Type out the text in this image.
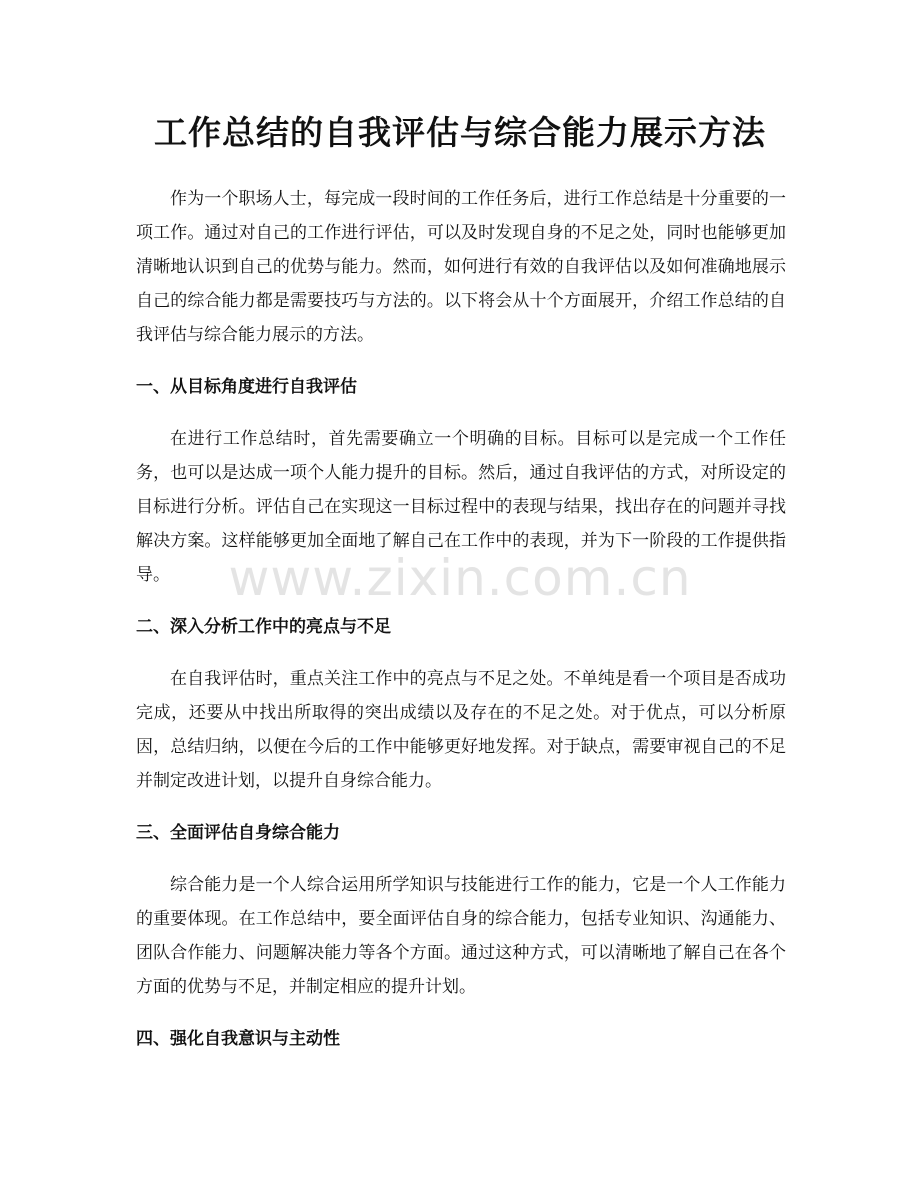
工作总结的自我评估与综合能力展示方法

作为一个职场人士，每完成一段时间的工作任务后，进行工作总结是十分重要的一项工作。通过对自己的工作进行评估，可以及时发现自身的不足之处，同时也能够更加清晰地认识到自己的优势与能力。然而，如何进行有效的自我评估以及如何准确地展示自己的综合能力都是需要技巧与方法的。以下将会从十个方面展开，介绍工作总结的自我评估与综合能力展示的方法。

一、从目标角度进行自我评估

在进行工作总结时，首先需要确立一个明确的目标。目标可以是完成一个工作任务，也可以是达成一项个人能力提升的目标。然后，通过自我评估的方式，对所设定的目标进行分析。评估自己在实现这一目标过程中的表现与结果，找出存在的问题并寻找解决方案。这样能够更加全面地了解自己在工作中的表现，并为下一阶段的工作提供指导。

二、深入分析工作中的亮点与不足

在自我评估时，重点关注工作中的亮点与不足之处。不单纯是看一个项目是否成功完成，还要从中找出所取得的突出成绩以及存在的不足之处。对于优点，可以分析原因，总结归纳，以便在今后的工作中能够更好地发挥。对于缺点，需要审视自己的不足并制定改进计划，以提升自身综合能力。

三、全面评估自身综合能力

综合能力是一个人综合运用所学知识与技能进行工作的能力，它是一个人工作能力的重要体现。在工作总结中，要全面评估自身的综合能力，包括专业知识、沟通能力、团队合作能力、问题解决能力等各个方面。通过这种方式，可以清晰地了解自己在各个方面的优势与不足，并制定相应的提升计划。

四、强化自我意识与主动性
www.zixin.com.cn
